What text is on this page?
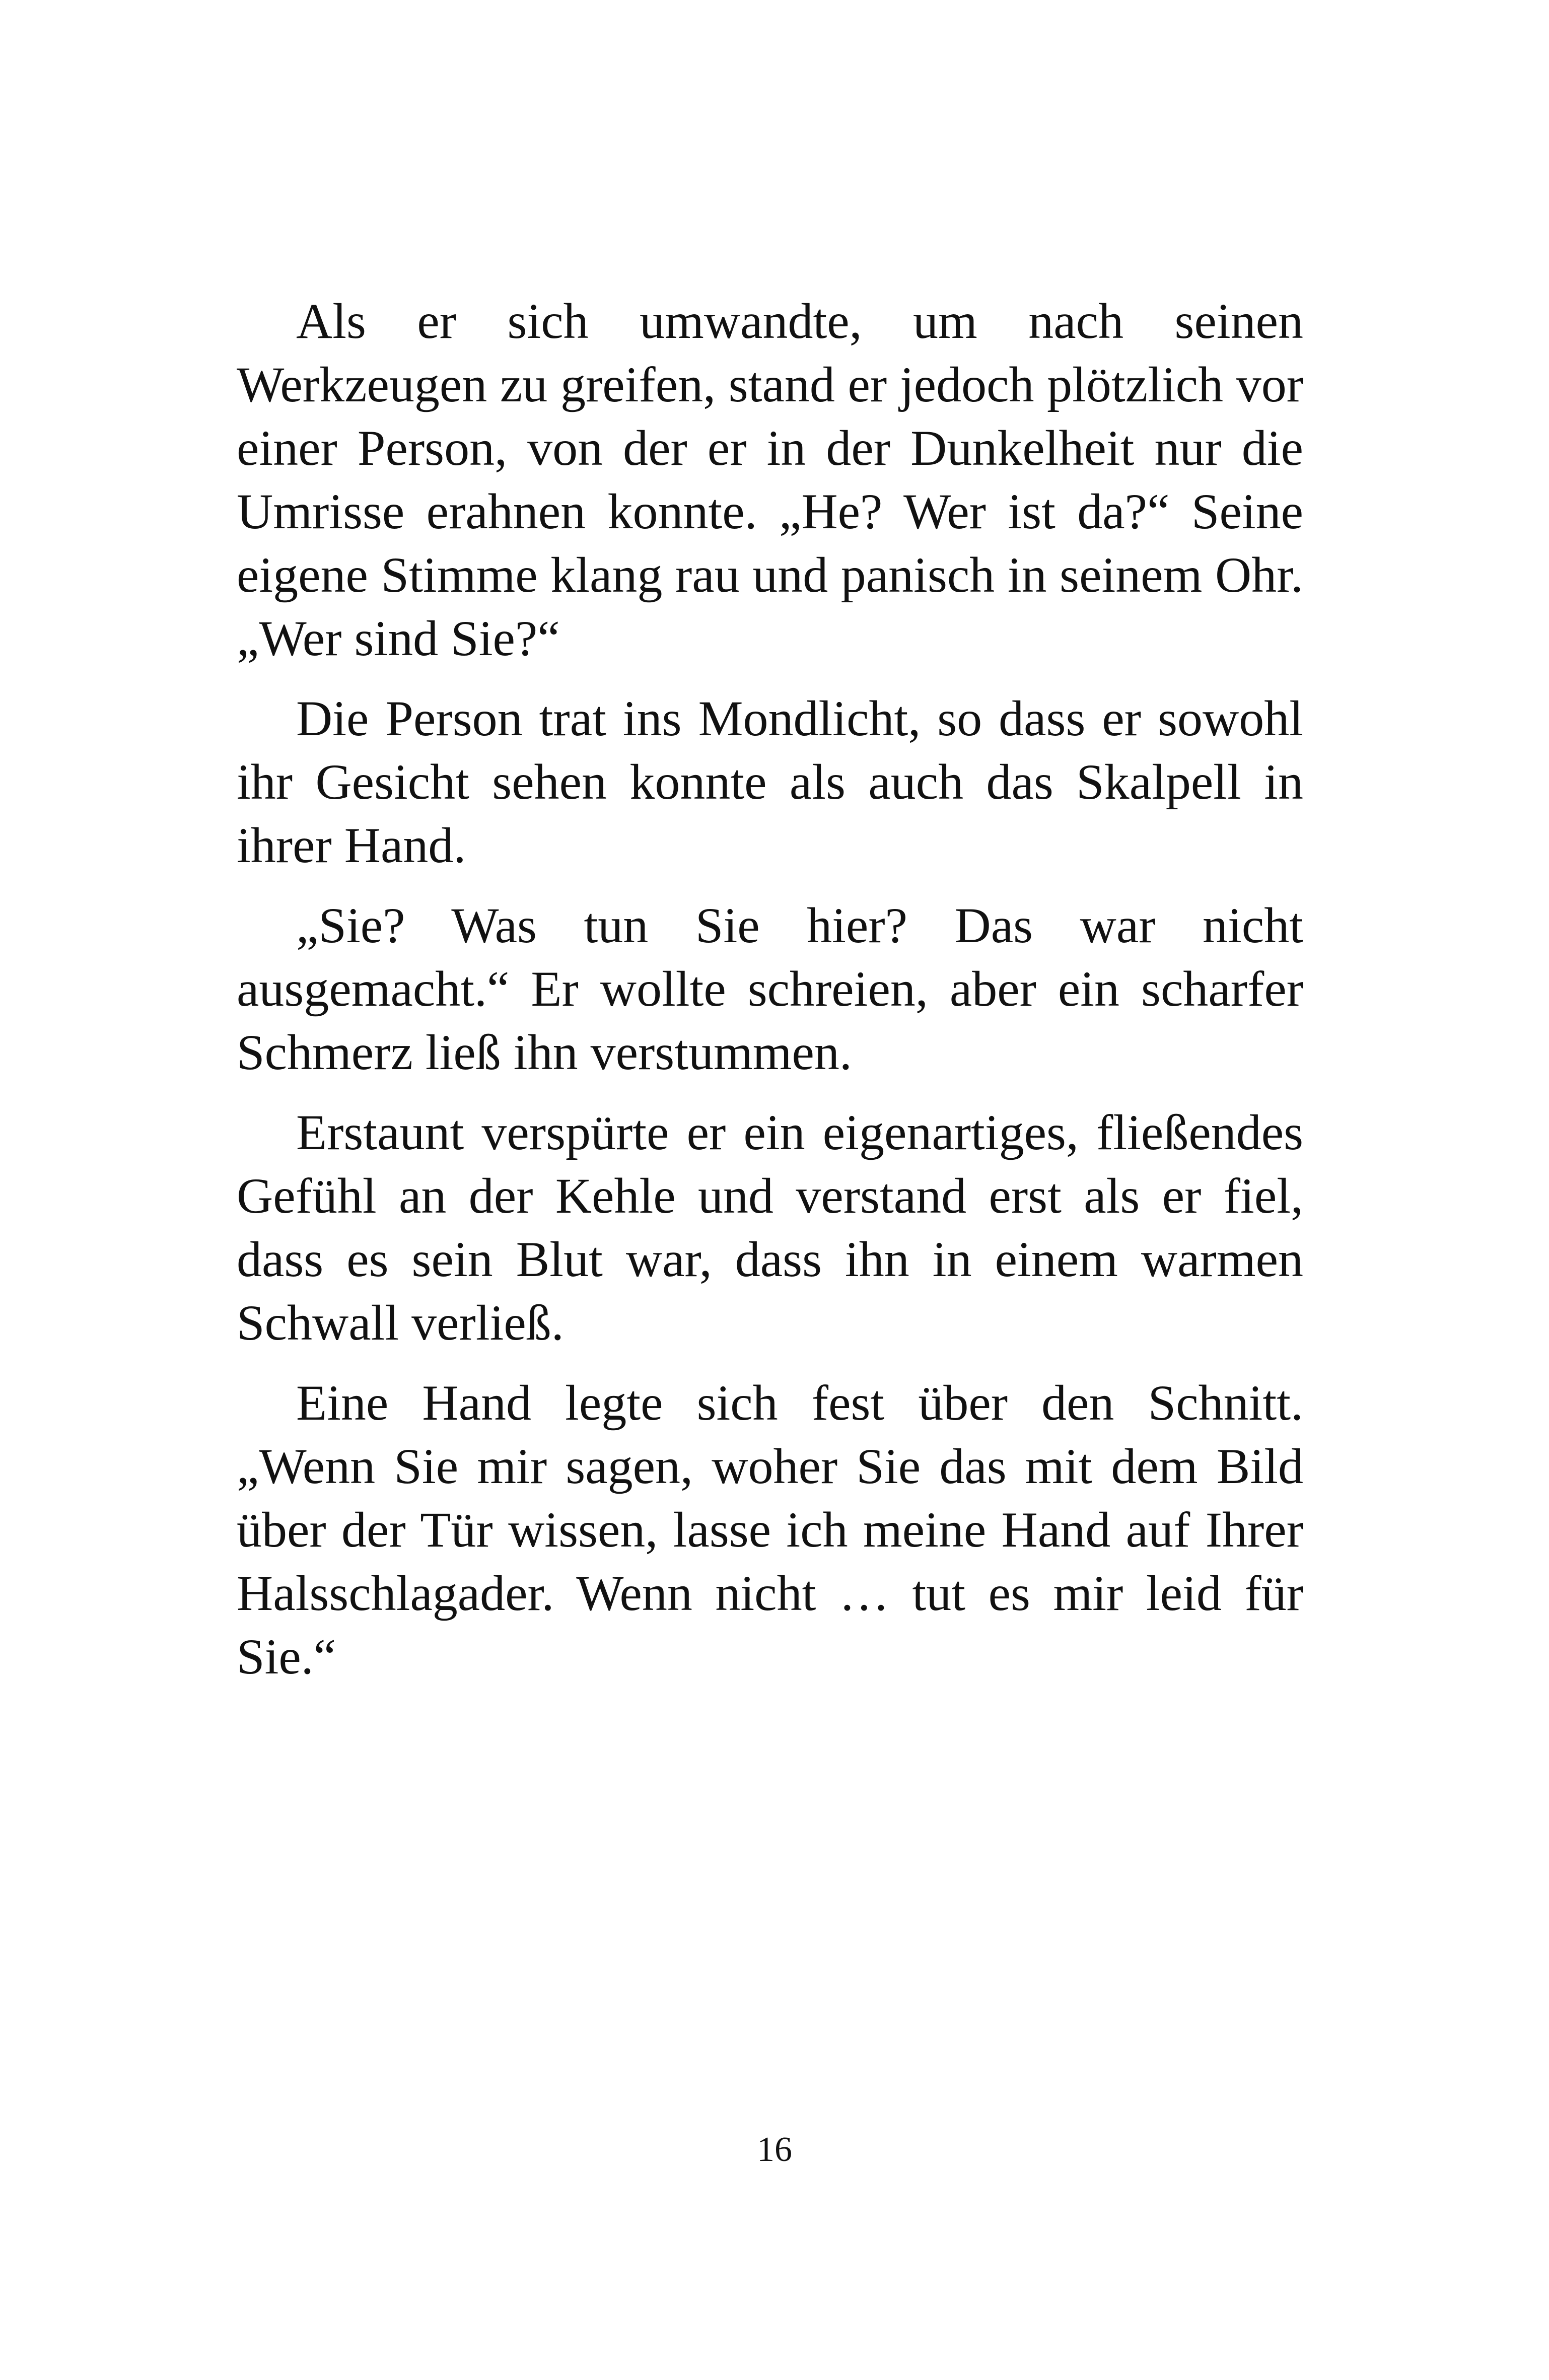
Als er sich umwandte, um nach seinen Werkzeugen zu greifen, stand er jedoch plötzlich vor einer Person, von der er in der Dunkelheit nur die Umrisse erahnen konnte. „He? Wer ist da?“ Seine eigene Stimme klang rau und panisch in seinem Ohr. „Wer sind Sie?“

Die Person trat ins Mondlicht, so dass er sowohl ihr Gesicht sehen konnte als auch das Skalpell in ihrer Hand.

„Sie? Was tun Sie hier? Das war nicht ausgemacht.“ Er wollte schreien, aber ein scharfer Schmerz ließ ihn verstummen.

Erstaunt verspürte er ein eigenartiges, fließendes Gefühl an der Kehle und verstand erst als er fiel, dass es sein Blut war, dass ihn in einem warmen Schwall verließ.

Eine Hand legte sich fest über den Schnitt. „Wenn Sie mir sagen, woher Sie das mit dem Bild über der Tür wissen, lasse ich meine Hand auf Ihrer Halsschlagader. Wenn nicht … tut es mir leid für Sie.“

16
